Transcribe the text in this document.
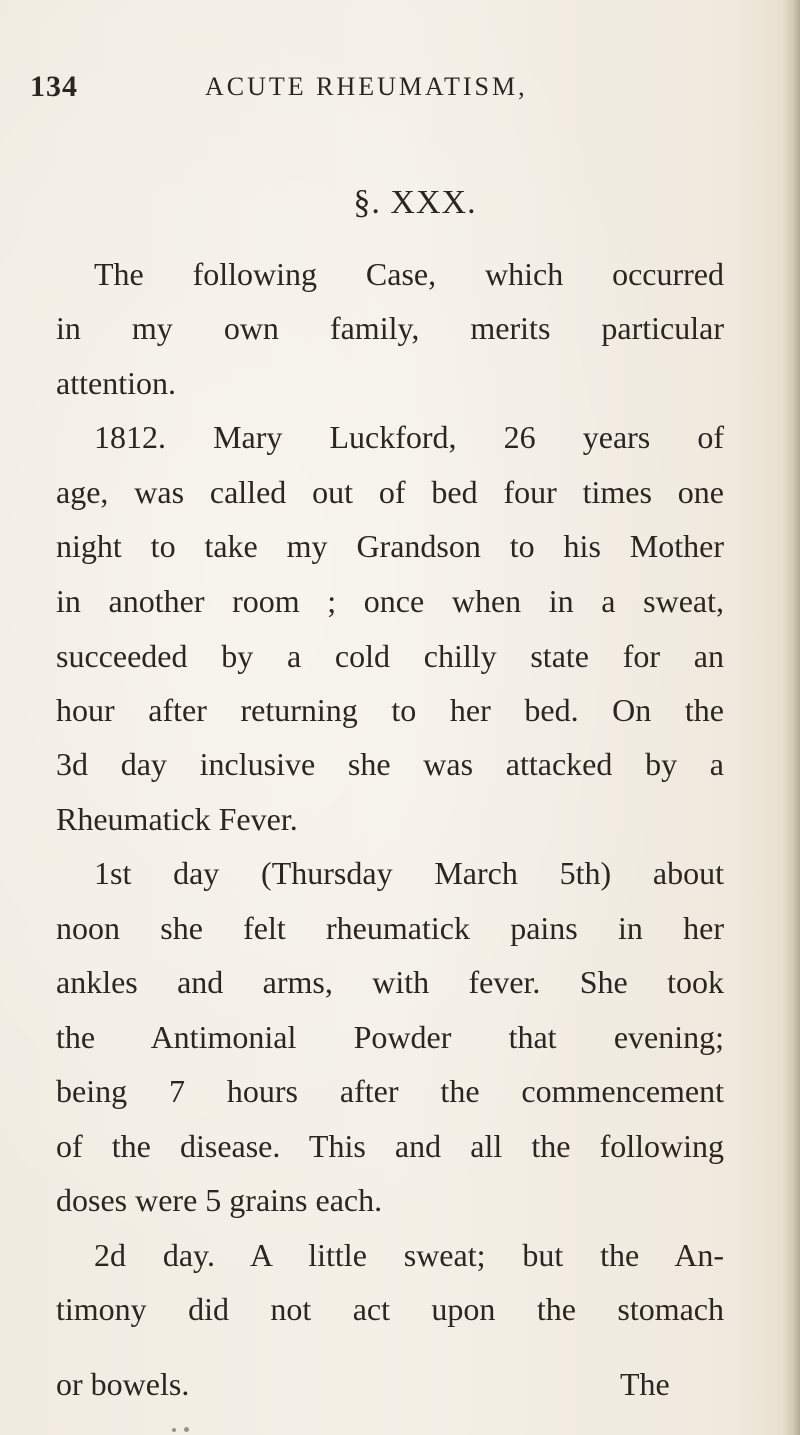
134	ACUTE RHEUMATISM,
§. XXX.
The following Case, which occurred
in my own family, merits particular
attention.
1812. Mary Luckford, 26 years of
age, was called out of bed four times one
night to take my Grandson to his Mother
in another room ; once when in a sweat,
succeeded by a cold chilly state for an
hour after returning to her bed. On the
3d day inclusive she was attacked by a
Rheumatick Fever.
1st day (Thursday March 5th) about
noon she felt rheumatick pains in her
ankles and arms, with fever. She took
the Antimonial Powder that evening;
being 7 hours after the commencement
of the disease. This and all the following
doses were 5 grains each.
2d day. A little sweat; but the An-
timony did not act upon the stomach
or bowels.	The
